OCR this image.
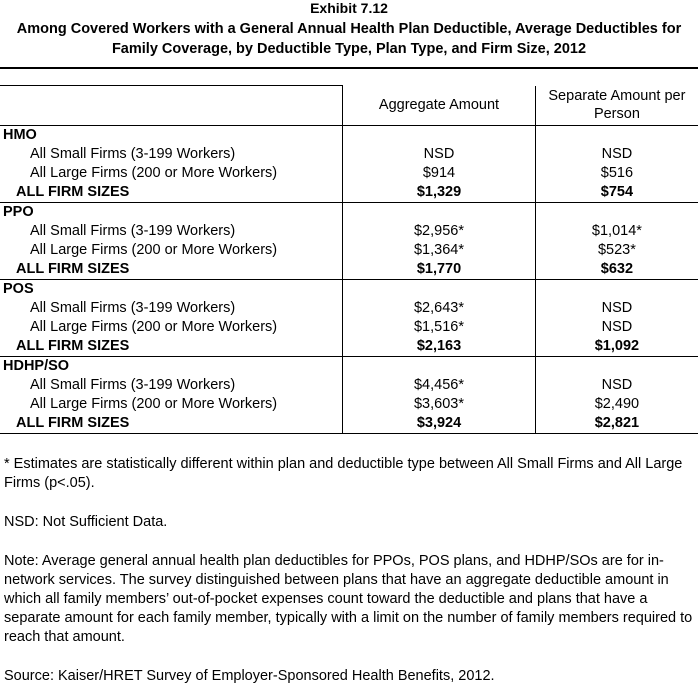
Exhibit 7.12
Among Covered Workers with a General Annual Health Plan Deductible, Average Deductibles for Family Coverage, by Deductible Type, Plan Type, and Firm Size, 2012
	Aggregate Amount	Separate Amount per Person
HMO		
All Small Firms (3-199 Workers)	NSD	NSD
All Large Firms (200 or More Workers)	$914	$516
ALL FIRM SIZES	$1,329	$754
PPO		
All Small Firms (3-199 Workers)	$2,956*	$1,014*
All Large Firms (200 or More Workers)	$1,364*	$523*
ALL FIRM SIZES	$1,770	$632
POS		
All Small Firms (3-199 Workers)	$2,643*	NSD
All Large Firms (200 or More Workers)	$1,516*	NSD
ALL FIRM SIZES	$2,163	$1,092
HDHP/SO		
All Small Firms (3-199 Workers)	$4,456*	NSD
All Large Firms (200 or More Workers)	$3,603*	$2,490
ALL FIRM SIZES	$3,924	$2,821

* Estimates are statistically different within plan and deductible type between All Small Firms and All Large Firms (p<.05).

NSD: Not Sufficient Data.

Note: Average general annual health plan deductibles for PPOs, POS plans, and HDHP/SOs are for in-network services. The survey distinguished between plans that have an aggregate deductible amount in which all family members’ out-of-pocket expenses count toward the deductible and plans that have a separate amount for each family member, typically with a limit on the number of family members required to reach that amount.

Source: Kaiser/HRET Survey of Employer-Sponsored Health Benefits, 2012.
